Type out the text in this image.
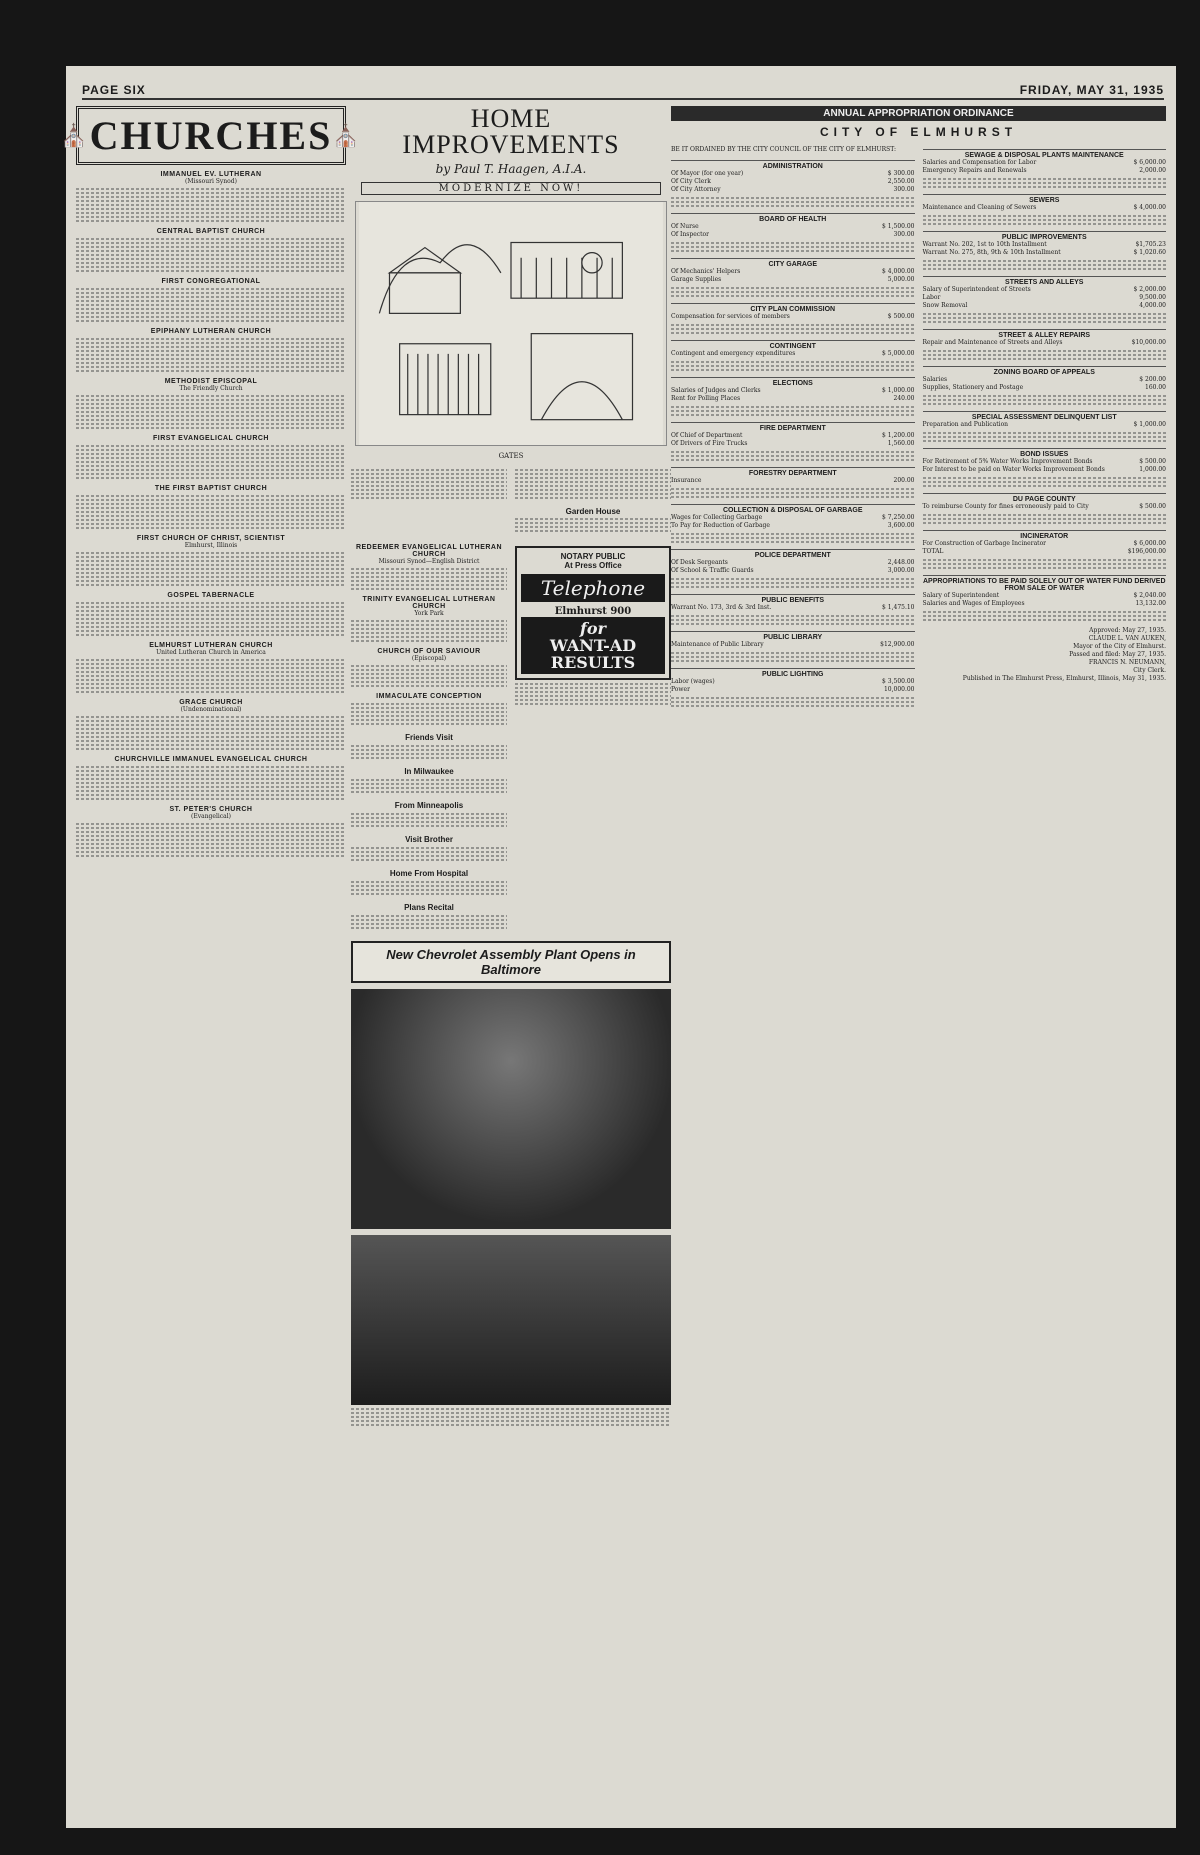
PAGE SIX	FRIDAY, MAY 31, 1935
⛪ CHURCHES ⛪
IMMANUEL EV. LUTHERAN
(Missouri Synod)
CENTRAL BAPTIST CHURCH
FIRST CONGREGATIONAL
EPIPHANY LUTHERAN CHURCH
METHODIST EPISCOPAL
The Friendly Church
FIRST EVANGELICAL CHURCH
THE FIRST BAPTIST CHURCH
FIRST CHURCH OF CHRIST, SCIENTIST
Elmhurst, Illinois
GOSPEL TABERNACLE
ELMHURST LUTHERAN CHURCH
United Lutheran Church in America
GRACE CHURCH
(Undenominational)
CHURCHVILLE IMMANUEL EVANGELICAL CHURCH
ST. PETER'S CHURCH
(Evangelical)
HOME
IMPROVEMENTS
by Paul T. Haagen, A.I.A.
MODERNIZE NOW!
GATES
Garden House
REDEEMER EVANGELICAL LUTHERAN CHURCH
Missouri Synod—English District
TRINITY EVANGELICAL LUTHERAN CHURCH
York Park
CHURCH OF OUR SAVIOUR
(Episcopal)
IMMACULATE CONCEPTION
Friends Visit
In Milwaukee
From Minneapolis
Visit Brother
Home From Hospital
Plans Recital
NOTARY PUBLIC
At Press Office
Telephone
Elmhurst 900
for
WANT-AD
RESULTS
New Chevrolet Assembly Plant Opens in Baltimore
ANNUAL APPROPRIATION ORDINANCE
CITY OF ELMHURST
BE IT ORDAINED BY THE CITY COUNCIL OF THE CITY OF ELMHURST:
ADMINISTRATION
Of Mayor (for one year)	$ 300.00
Of City Clerk	2,550.00
Of City Attorney	300.00
BOARD OF HEALTH
Of Nurse	$ 1,500.00
Of Inspector	300.00
CITY GARAGE
Of Mechanics' Helpers	$ 4,000.00
Garage Supplies	5,000.00
CITY PLAN COMMISSION
Compensation for services of members	$ 500.00
CONTINGENT
Contingent and emergency expenditures	$ 5,000.00
ELECTIONS
Salaries of Judges and Clerks	$ 1,000.00
Rent for Polling Places	240.00
FIRE DEPARTMENT
Of Chief of Department	$ 1,200.00
Of Drivers of Fire Trucks	1,560.00
FORESTRY DEPARTMENT
Insurance	200.00
COLLECTION & DISPOSAL OF GARBAGE
Wages for Collecting Garbage	$ 7,250.00
To Pay for Reduction of Garbage	3,600.00
POLICE DEPARTMENT
Of Desk Sergeants	2,448.00
Of School & Traffic Guards	3,000.00
PUBLIC BENEFITS
Warrant No. 173, 3rd & 3rd Inst.	$ 1,475.10
PUBLIC LIBRARY
Maintenance of Public Library	$12,900.00
PUBLIC LIGHTING
Labor (wages)	$ 3,500.00
Power	10,000.00
SEWAGE & DISPOSAL PLANTS MAINTENANCE
Salaries and Compensation for Labor	$ 6,000.00
Emergency Repairs and Renewals	2,000.00
SEWERS
Maintenance and Cleaning of Sewers	$ 4,000.00
PUBLIC IMPROVEMENTS
Warrant No. 202, 1st to 10th Installment	$1,705.23
Warrant No. 275, 8th, 9th & 10th Installment	$ 1,020.60
STREETS AND ALLEYS
Salary of Superintendent of Streets	$ 2,000.00
Labor	9,500.00
Snow Removal	4,000.00
STREET & ALLEY REPAIRS
Repair and Maintenance of Streets and Alleys	$10,000.00
ZONING BOARD OF APPEALS
Salaries	$ 200.00
Supplies, Stationery and Postage	160.00
SPECIAL ASSESSMENT DELINQUENT LIST
Preparation and Publication	$ 1,000.00
BOND ISSUES
For Retirement of 5% Water Works Improvement Bonds	$ 500.00
For Interest to be paid on Water Works Improvement Bonds	1,000.00
DU PAGE COUNTY
To reimburse County for fines erroneously paid to City	$ 500.00
INCINERATOR
For Construction of Garbage Incinerator	$ 6,000.00
TOTAL	$196,000.00
APPROPRIATIONS TO BE PAID SOLELY OUT OF WATER FUND DERIVED FROM SALE OF WATER
Salary of Superintendent	$ 2,040.00
Salaries and Wages of Employees	13,132.00
Approved: May 27, 1935.
CLAUDE L. VAN AUKEN,
Mayor of the City of Elmhurst.
Passed and filed: May 27, 1935.
FRANCIS N. NEUMANN,
City Clerk.
Published in The Elmhurst Press, Elmhurst, Illinois, May 31, 1935.
